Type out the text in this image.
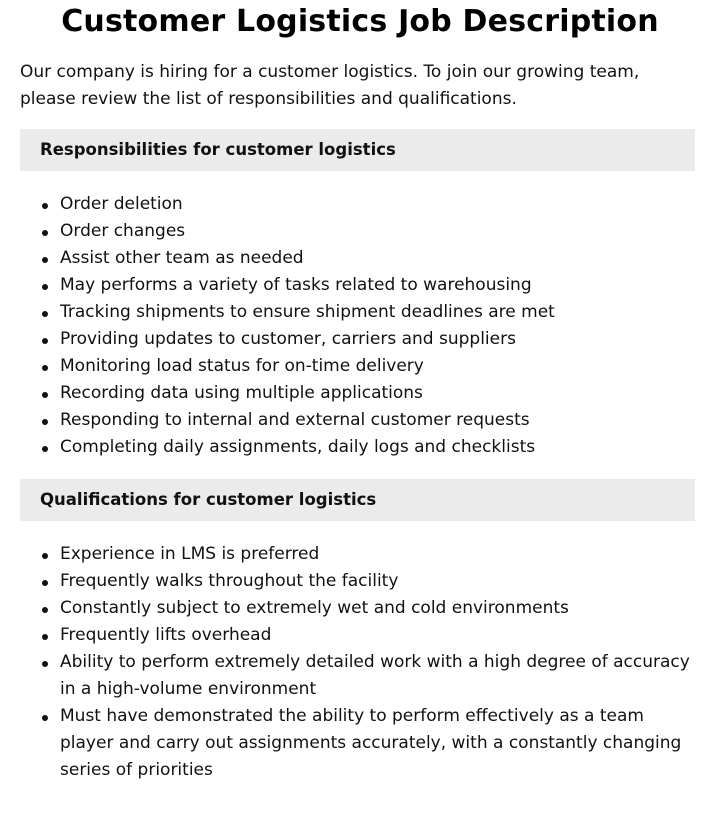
Customer Logistics Job Description

Our company is hiring for a customer logistics. To join our growing team, please review the list of responsibilities and qualifications.

Responsibilities for customer logistics
Order deletion
Order changes
Assist other team as needed
May performs a variety of tasks related to warehousing
Tracking shipments to ensure shipment deadlines are met
Providing updates to customer, carriers and suppliers
Monitoring load status for on-time delivery
Recording data using multiple applications
Responding to internal and external customer requests
Completing daily assignments, daily logs and checklists
Qualifications for customer logistics
Experience in LMS is preferred
Frequently walks throughout the facility
Constantly subject to extremely wet and cold environments
Frequently lifts overhead
Ability to perform extremely detailed work with a high degree of accuracy in a high-volume environment
Must have demonstrated the ability to perform effectively as a team player and carry out assignments accurately, with a constantly changing series of priorities
